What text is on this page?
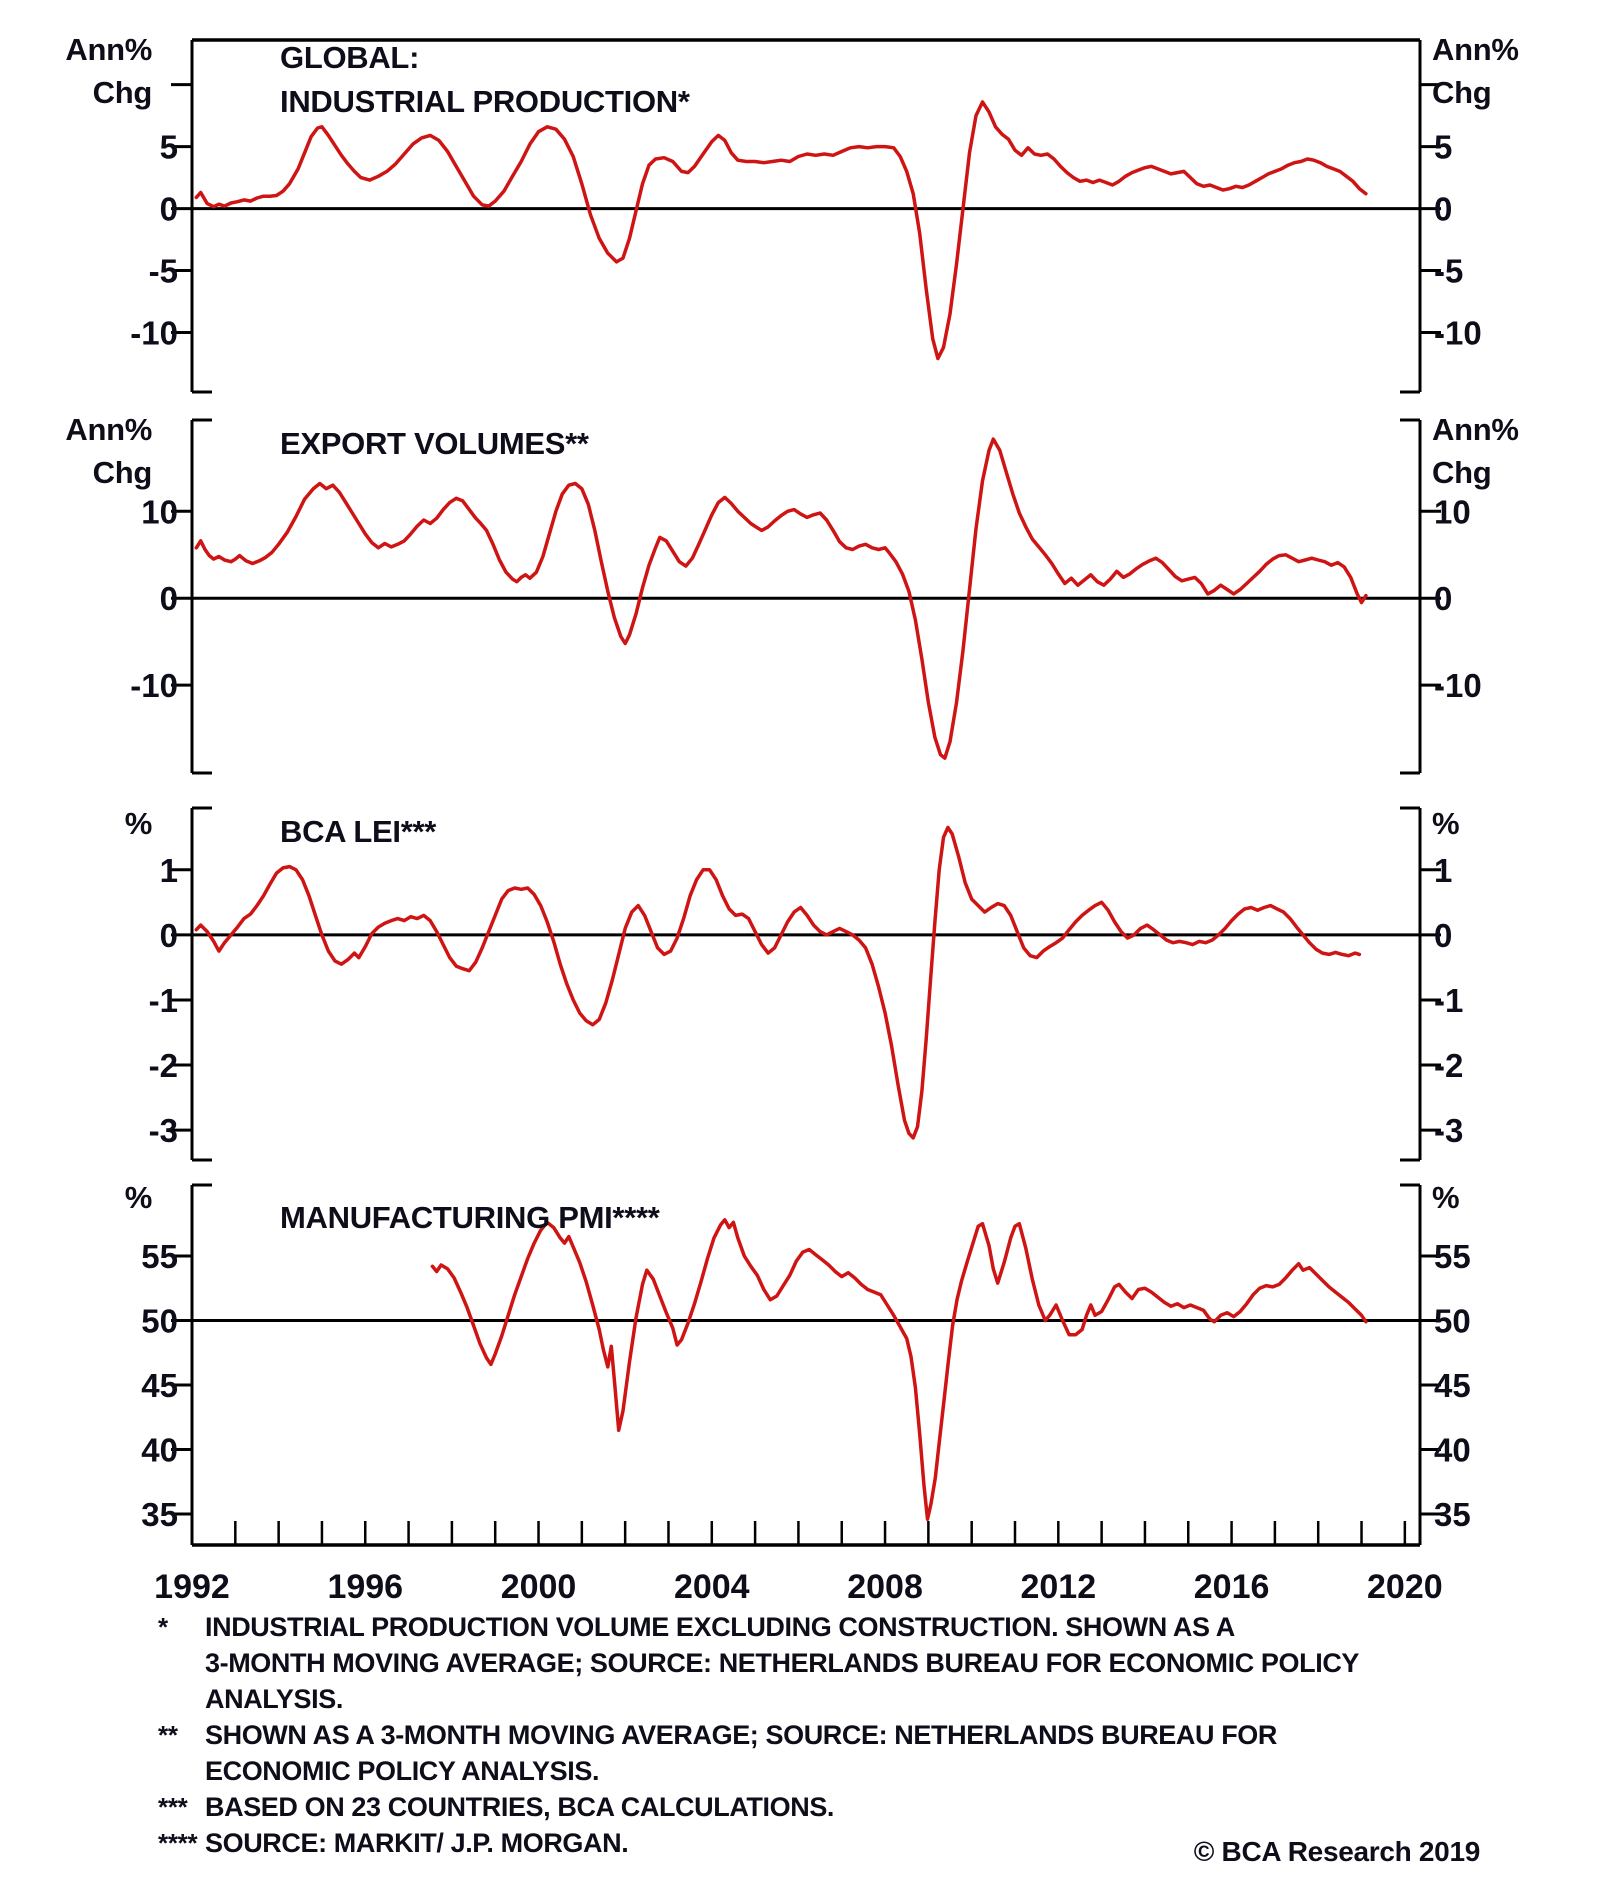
5	5
0	0
-5	-5
-10	-10
10	10
0	0
-10	-10
1	1
0	0
-1	-1
-2	-2
-3	-3
55	55
50	50
45	45
40	40
35	35
1992	1996	2000	2004	2008	2012	2016	2020
GLOBAL:
INDUSTRIAL PRODUCTION*
EXPORT VOLUMES**
BCA LEI***
MANUFACTURING PMI****
Ann%
Chg
Ann%
Chg
Ann%
Chg
Ann%
Chg
%	%
%	%
* INDUSTRIAL PRODUCTION VOLUME EXCLUDING CONSTRUCTION. SHOWN AS A
3-MONTH MOVING AVERAGE; SOURCE: NETHERLANDS BUREAU FOR ECONOMIC POLICY
ANALYSIS.
** SHOWN AS A 3-MONTH MOVING AVERAGE; SOURCE: NETHERLANDS BUREAU FOR
ECONOMIC POLICY ANALYSIS.
*** BASED ON 23 COUNTRIES, BCA CALCULATIONS.
**** SOURCE: MARKIT/ J.P. MORGAN.	© BCA Research 2019
